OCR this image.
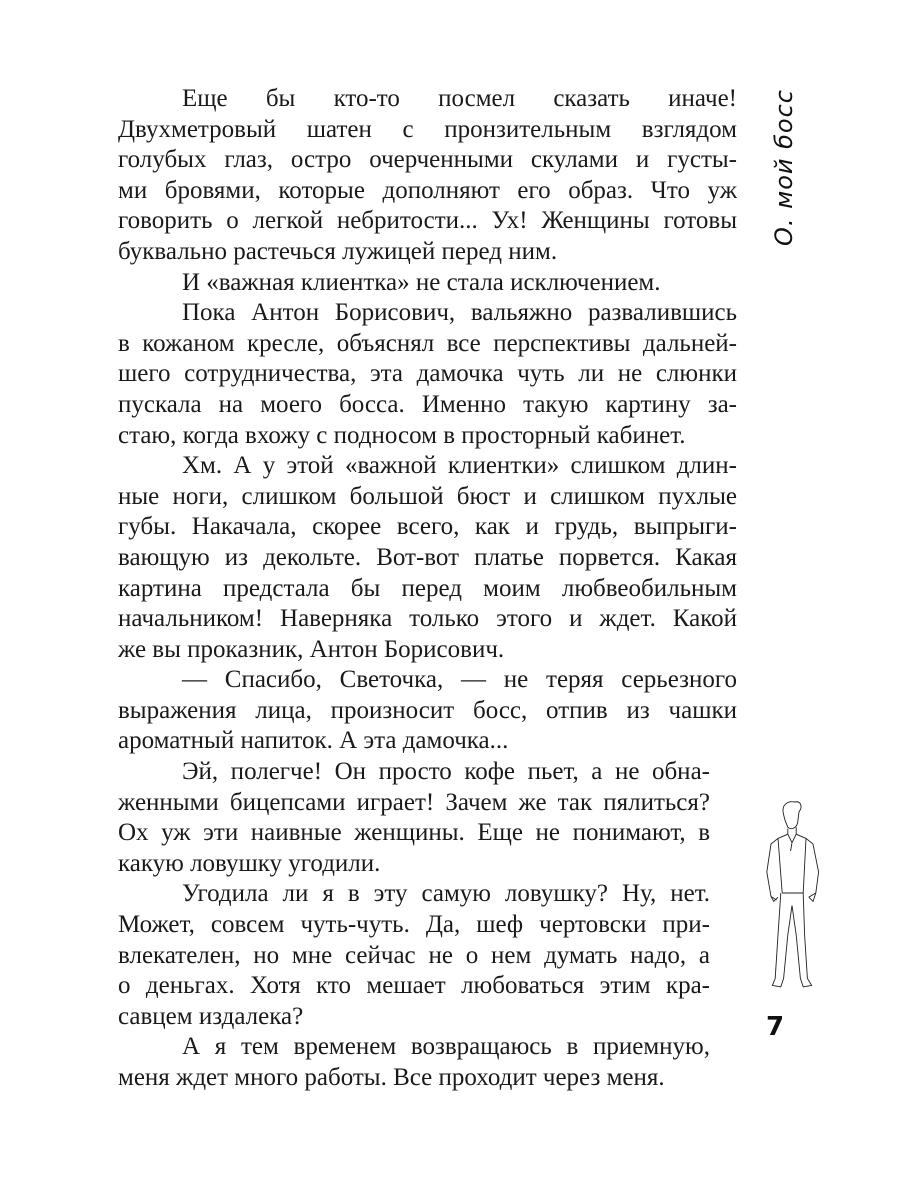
Еще бы кто-то посмел сказать иначе!
Двухметровый шатен с пронзительным взглядом
голубых глаз, остро очерченными скулами и густы-
ми бровями, которые дополняют его образ. Что уж
говорить о легкой небритости... Ух! Женщины готовы
буквально растечься лужицей перед ним.
И «важная клиентка» не стала исключением.
Пока Антон Борисович, вальяжно развалившись
в кожаном кресле, объяснял все перспективы дальней-
шего сотрудничества, эта дамочка чуть ли не слюнки
пускала на моего босса. Именно такую картину за-
стаю, когда вхожу с подносом в просторный кабинет.
Хм. А у этой «важной клиентки» слишком длин-
ные ноги, слишком большой бюст и слишком пухлые
губы. Накачала, скорее всего, как и грудь, выпрыги-
вающую из декольте. Вот-вот платье порвется. Какая
картина предстала бы перед моим любвеобильным
начальником! Наверняка только этого и ждет. Какой
же вы проказник, Антон Борисович.
— Спасибо, Светочка, — не теряя серьезного
выражения лица, произносит босс, отпив из чашки
ароматный напиток. А эта дамочка...
Эй, полегче! Он просто кофе пьет, а не обна-
женными бицепсами играет! Зачем же так пялиться?
Ох уж эти наивные женщины. Еще не понимают, в
какую ловушку угодили.
Угодила ли я в эту самую ловушку? Ну, нет.
Может, совсем чуть-чуть. Да, шеф чертовски при-
влекателен, но мне сейчас не о нем думать надо, а
о деньгах. Хотя кто мешает любоваться этим кра-
савцем издалека?
А я тем временем возвращаюсь в приемную,
меня ждет много работы. Все проходит через меня.
О. мой босс
7
